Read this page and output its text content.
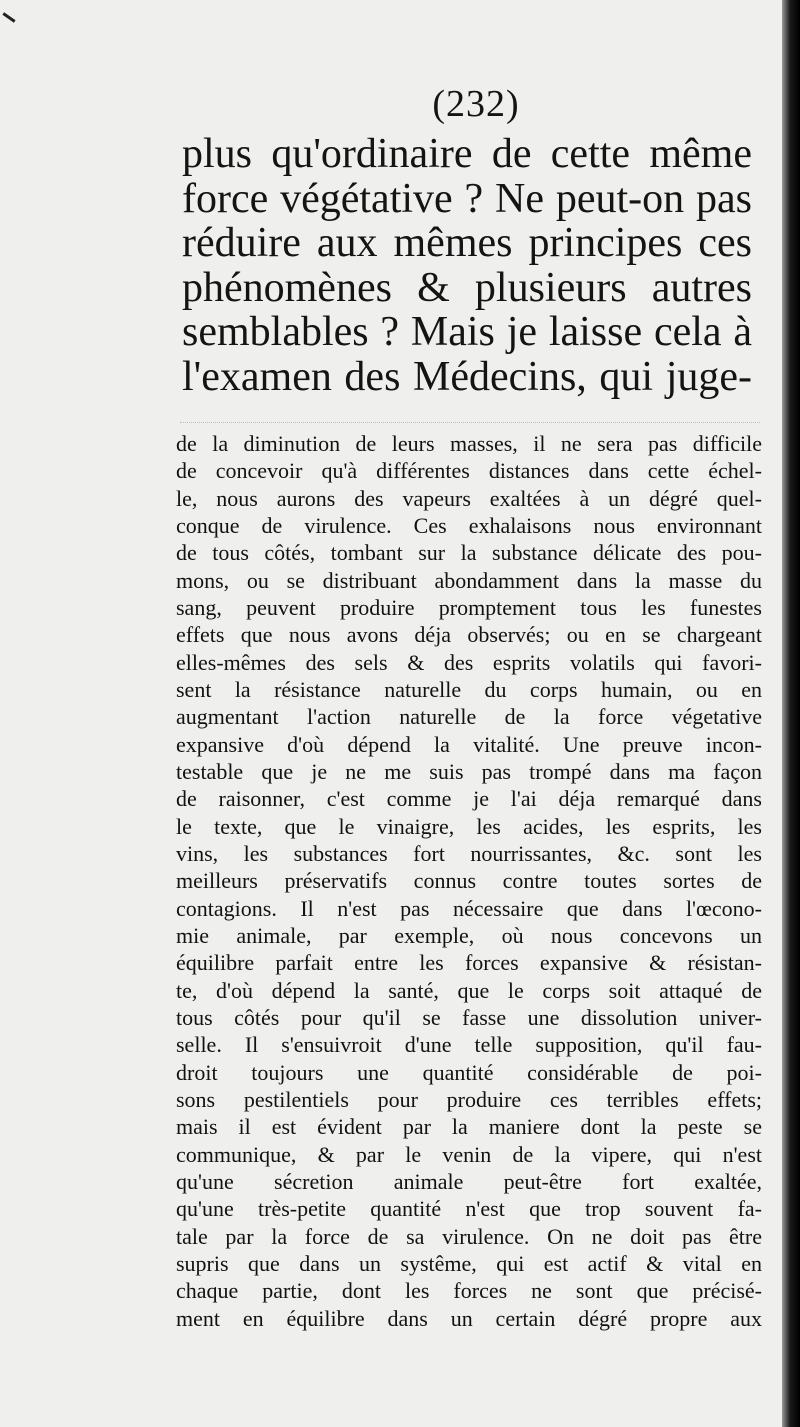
(232)
plus qu'ordinaire de cette même
force végétative ? Ne peut-on pas
réduire aux mêmes principes ces
phénomènes & plusieurs autres
semblables ? Mais je laisse cela à
l'examen des Médecins, qui juge-
de la diminution de leurs masses, il ne sera pas difficile
de concevoir qu'à différentes distances dans cette échel-
le, nous aurons des vapeurs exaltées à un dégré quel-
conque de virulence. Ces exhalaisons nous environnant
de tous côtés, tombant sur la substance délicate des pou-
mons, ou se distribuant abondamment dans la masse du
sang, peuvent produire promptement tous les funestes
effets que nous avons déja observés; ou en se chargeant
elles-mêmes des sels & des esprits volatils qui favori-
sent la résistance naturelle du corps humain, ou en
augmentant l'action naturelle de la force végetative
expansive d'où dépend la vitalité. Une preuve incon-
testable que je ne me suis pas trompé dans ma façon
de raisonner, c'est comme je l'ai déja remarqué dans
le texte, que le vinaigre, les acides, les esprits, les
vins, les substances fort nourrissantes, &c. sont les
meilleurs préservatifs connus contre toutes sortes de
contagions. Il n'est pas nécessaire que dans l'œcono-
mie animale, par exemple, où nous concevons un
équilibre parfait entre les forces expansive & résistan-
te, d'où dépend la santé, que le corps soit attaqué de
tous côtés pour qu'il se fasse une dissolution univer-
selle. Il s'ensuivroit d'une telle supposition, qu'il fau-
droit toujours une quantité considérable de poi-
sons pestilentiels pour produire ces terribles effets;
mais il est évident par la maniere dont la peste se
communique, & par le venin de la vipere, qui n'est
qu'une sécretion animale peut-être fort exaltée,
qu'une très-petite quantité n'est que trop souvent fa-
tale par la force de sa virulence. On ne doit pas être
supris que dans un systême, qui est actif & vital en
chaque partie, dont les forces ne sont que précisé-
ment en équilibre dans un certain dégré propre aux
